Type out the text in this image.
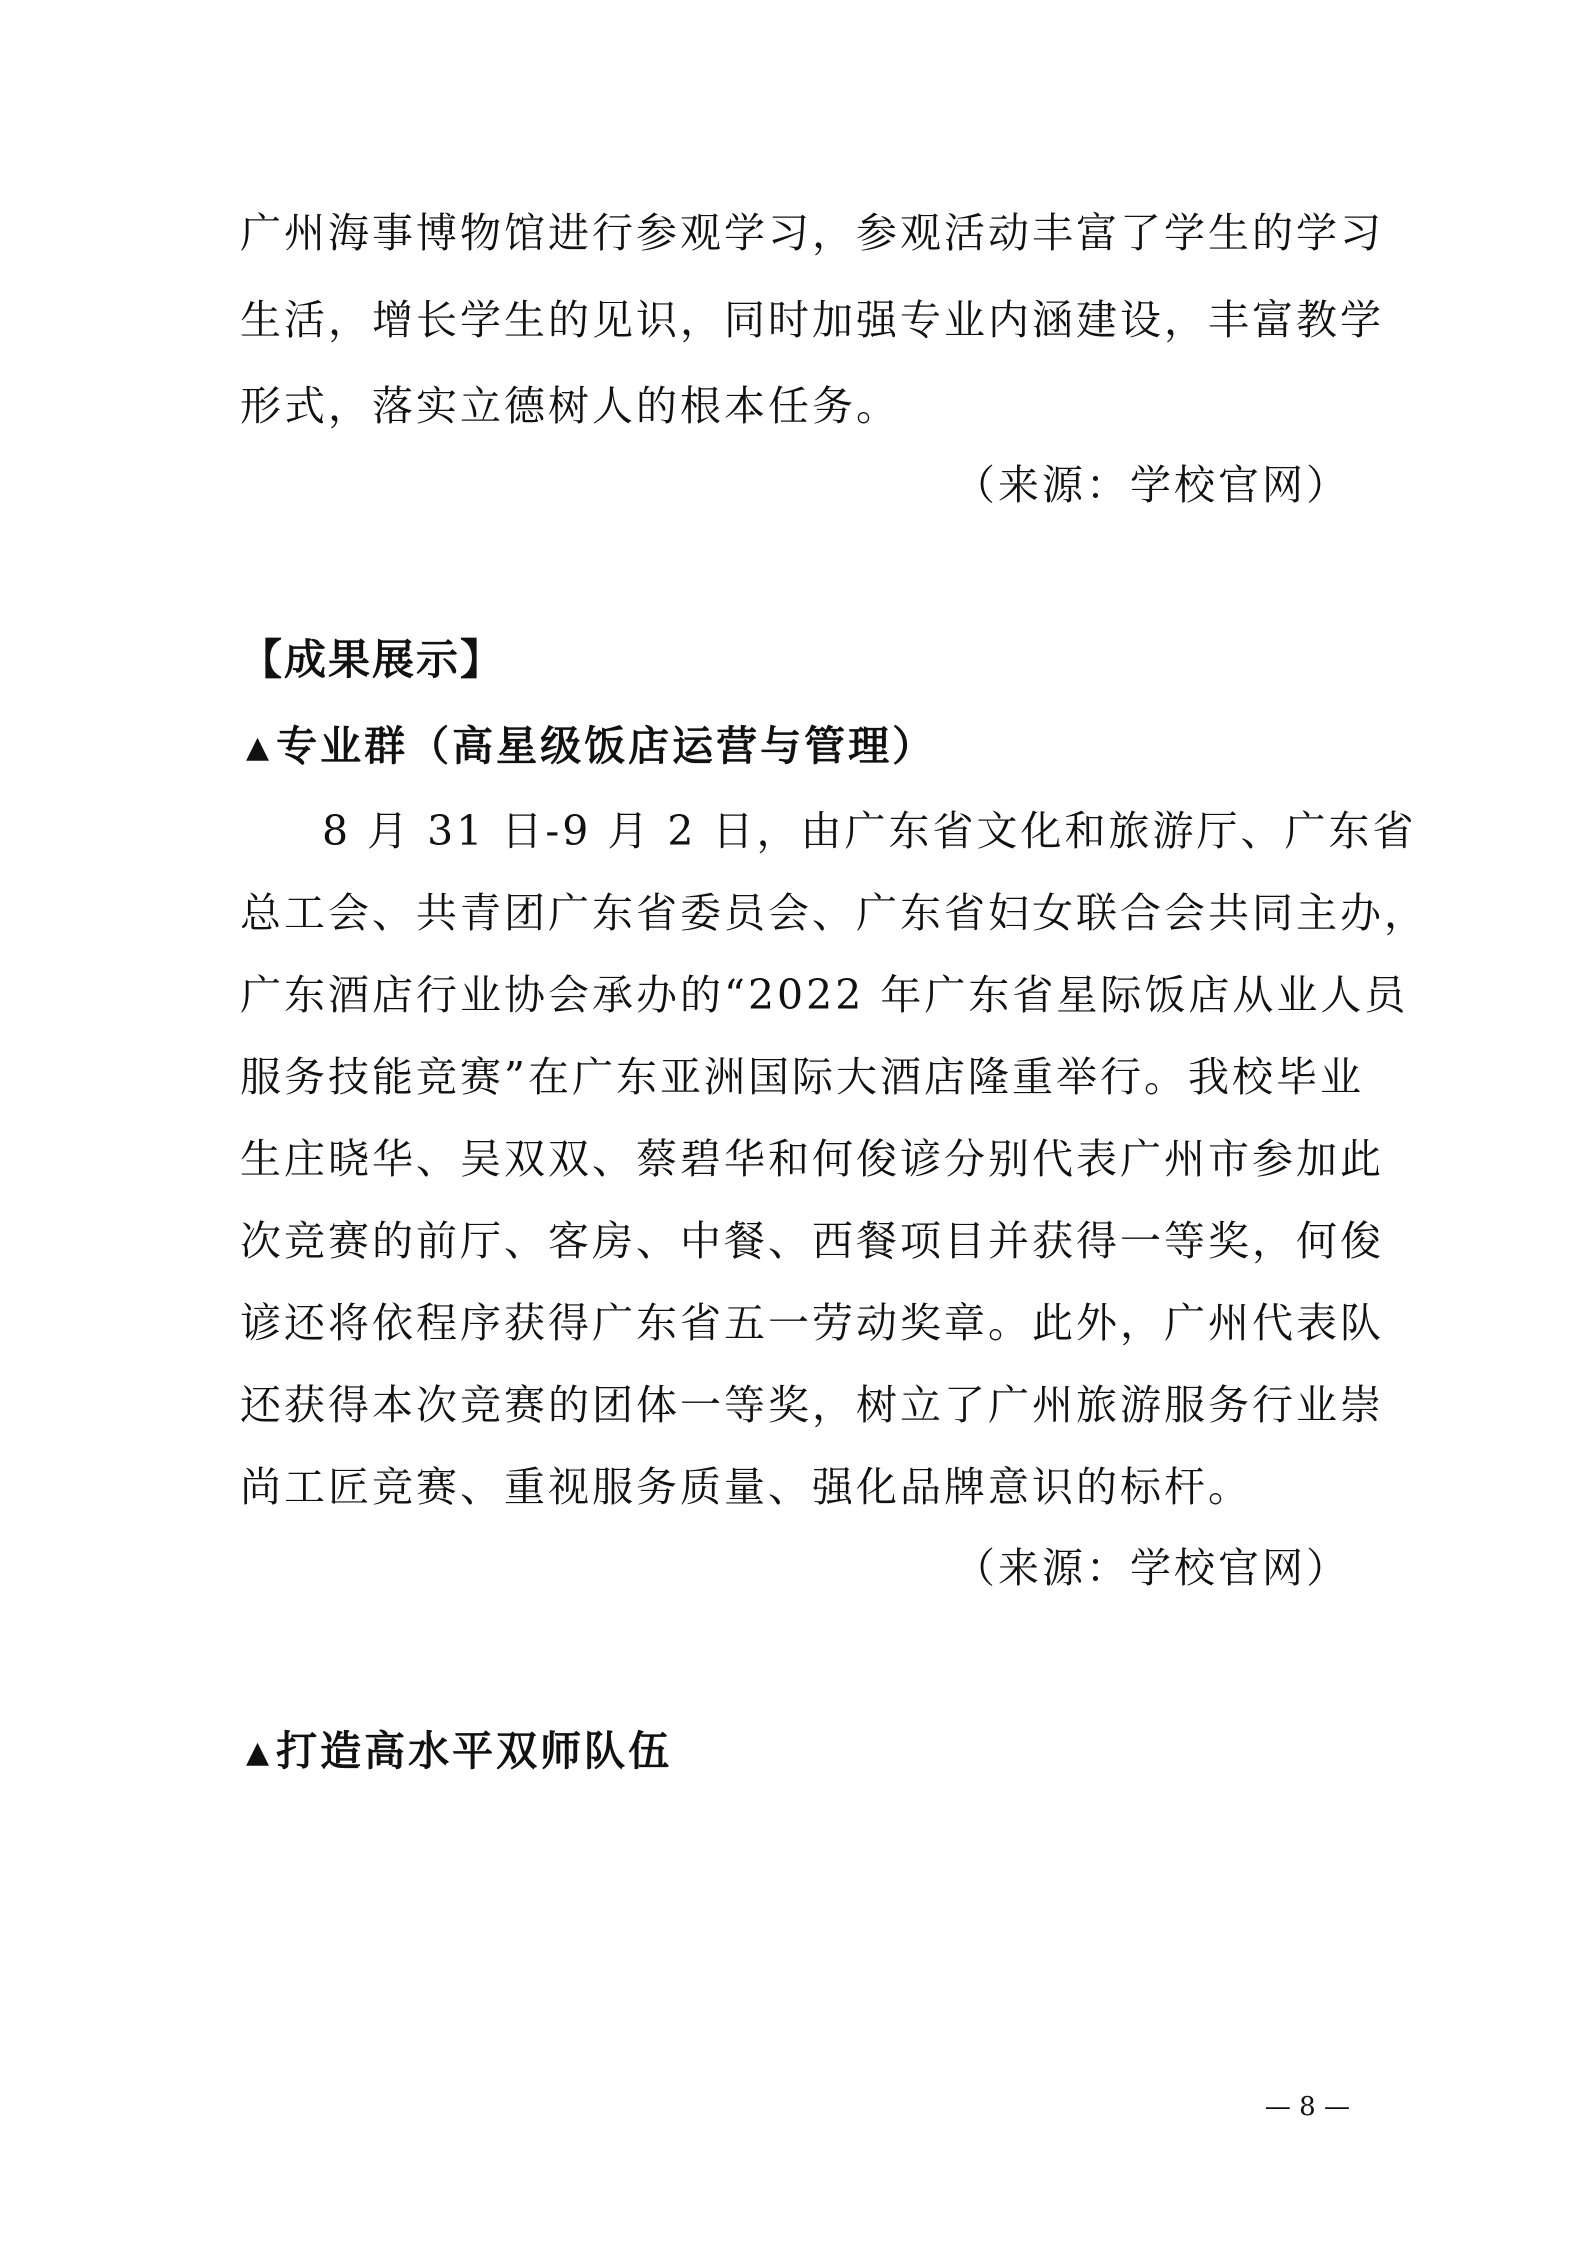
广州海事博物馆进行参观学习，参观活动丰富了学生的学习
生活，增长学生的见识，同时加强专业内涵建设，丰富教学
形式，落实立德树人的根本任务。
（来源：学校官网）
【成果展示】
▲专业群（高星级饭店运营与管理）
8 月 31 日-9 月 2 日，由广东省文化和旅游厅、广东省
总工会、共青团广东省委员会、广东省妇女联合会共同主办，
广东酒店行业协会承办的“2022 年广东省星际饭店从业人员
服务技能竞赛”在广东亚洲国际大酒店隆重举行。我校毕业
生庄晓华、吴双双、蔡碧华和何俊谚分别代表广州市参加此
次竞赛的前厅、客房、中餐、西餐项目并获得一等奖，何俊
谚还将依程序获得广东省五一劳动奖章。此外，广州代表队
还获得本次竞赛的团体一等奖，树立了广州旅游服务行业崇
尚工匠竞赛、重视服务质量、强化品牌意识的标杆。
（来源：学校官网）
▲打造高水平双师队伍
— 8 —
